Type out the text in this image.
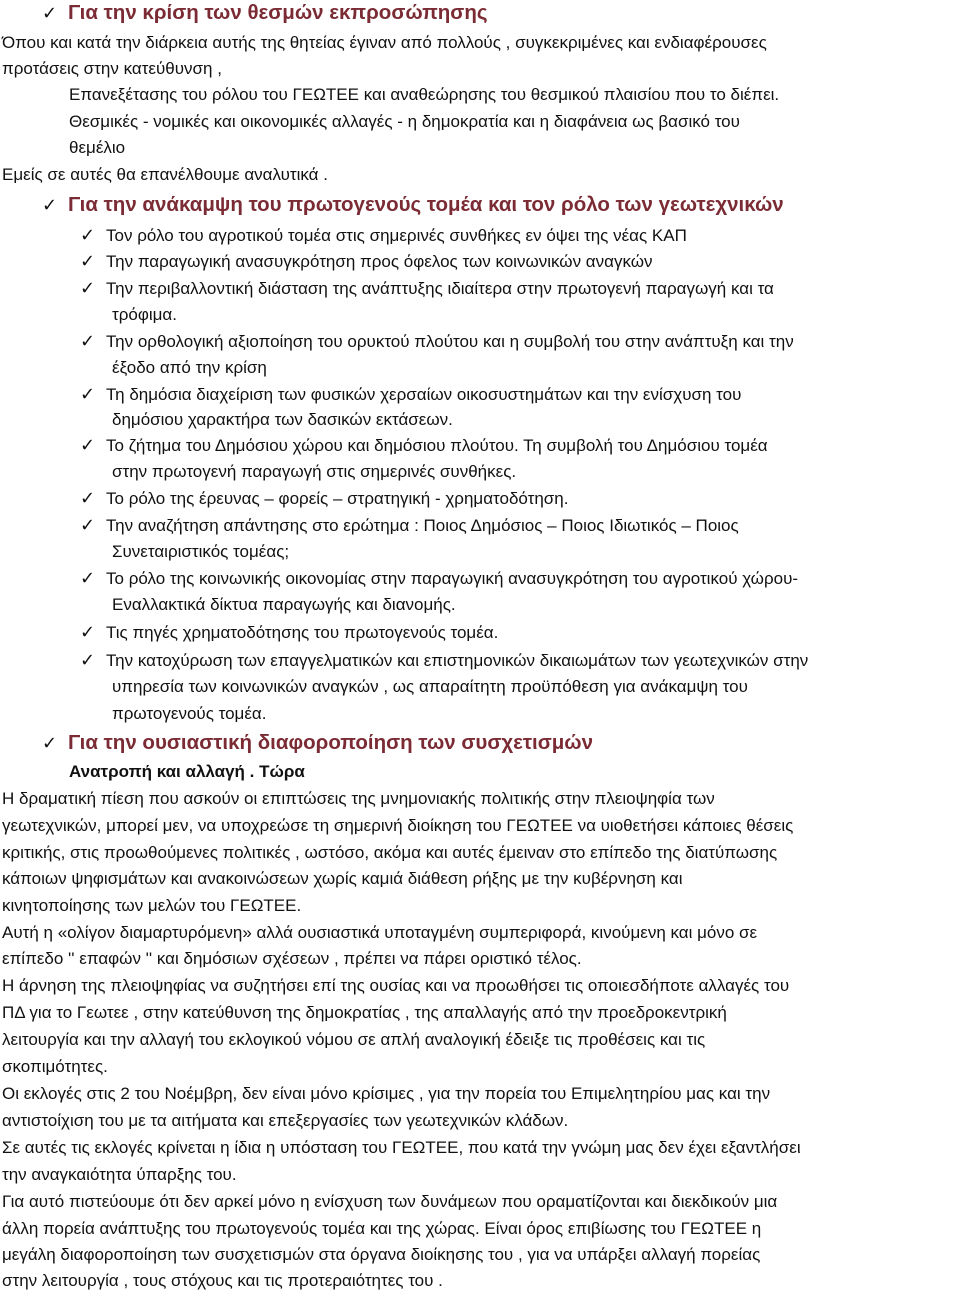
✓ Για την κρίση των θεσμών εκπροσώπησης
Όπου και κατά την διάρκεια αυτής της θητείας έγιναν από πολλούς , συγκεκριμένες και ενδιαφέρουσες
προτάσεις στην κατεύθυνση ,
Επανεξέτασης του ρόλου του ΓΕΩΤΕΕ και αναθεώρησης του θεσμικού πλαισίου που το διέπει.
Θεσμικές - νομικές και οικονομικές αλλαγές - η δημοκρατία και η διαφάνεια ως βασικό του
θεμέλιο
Εμείς σε αυτές θα επανέλθουμε αναλυτικά .
✓ Για την ανάκαμψη του πρωτογενούς τομέα και τον ρόλο των γεωτεχνικών
✓ Τον ρόλο του αγροτικού τομέα στις σημερινές συνθήκες εν όψει της νέας ΚΑΠ
✓ Την παραγωγική ανασυγκρότηση προς όφελος των κοινωνικών αναγκών
✓ Την περιβαλλοντική διάσταση της ανάπτυξης ιδιαίτερα στην πρωτογενή παραγωγή και τα
τρόφιμα.
✓ Την ορθολογική αξιοποίηση του ορυκτού πλούτου και η συμβολή του στην ανάπτυξη και την
έξοδο από την κρίση
✓ Τη δημόσια διαχείριση των φυσικών χερσαίων οικοσυστημάτων και την ενίσχυση του
δημόσιου χαρακτήρα των δασικών εκτάσεων.
✓ Το ζήτημα του Δημόσιου χώρου και δημόσιου πλούτου. Τη συμβολή του Δημόσιου τομέα
στην πρωτογενή παραγωγή στις σημερινές συνθήκες.
✓ Το ρόλο της έρευνας – φορείς – στρατηγική - χρηματοδότηση.
✓ Την αναζήτηση απάντησης στο ερώτημα : Ποιος Δημόσιος – Ποιος Ιδιωτικός – Ποιος
Συνεταιριστικός τομέας;
✓ Το ρόλο της κοινωνικής οικονομίας στην παραγωγική ανασυγκρότηση του αγροτικού χώρου-
Εναλλακτικά δίκτυα παραγωγής και διανομής.
✓ Τις πηγές χρηματοδότησης του πρωτογενούς τομέα.
✓ Την κατοχύρωση των επαγγελματικών και επιστημονικών δικαιωμάτων των γεωτεχνικών στην
υπηρεσία των κοινωνικών αναγκών , ως απαραίτητη προϋπόθεση για ανάκαμψη του
πρωτογενούς τομέα.
✓ Για την ουσιαστική διαφοροποίηση των συσχετισμών
Ανατροπή και αλλαγή . Τώρα
Η δραματική πίεση που ασκούν οι επιπτώσεις της μνημονιακής πολιτικής στην πλειοψηφία των
γεωτεχνικών, μπορεί μεν, να υποχρεώσε τη σημερινή διοίκηση του ΓΕΩΤΕΕ να υιοθετήσει κάποιες θέσεις
κριτικής, στις προωθούμενες πολιτικές , ωστόσο, ακόμα και αυτές έμειναν στο επίπεδο της διατύπωσης
κάποιων ψηφισμάτων και ανακοινώσεων χωρίς καμιά διάθεση ρήξης με την κυβέρνηση και
κινητοποίησης των μελών του ΓΕΩΤΕΕ.
Αυτή η «ολίγον διαμαρτυρόμενη» αλλά ουσιαστικά υποταγμένη συμπεριφορά, κινούμενη και μόνο σε
επίπεδο '' επαφών '' και δημόσιων σχέσεων , πρέπει να πάρει οριστικό τέλος.
Η άρνηση της πλειοψηφίας να συζητήσει επί της ουσίας και να προωθήσει τις οποιεσδήποτε αλλαγές του
ΠΔ για το Γεωτεε , στην κατεύθυνση της δημοκρατίας , της απαλλαγής από την προεδροκεντρική
λειτουργία και την αλλαγή του εκλογικού νόμου σε απλή αναλογική έδειξε τις προθέσεις και τις
σκοπιμότητες.
Οι εκλογές στις 2 του Νοέμβρη, δεν είναι μόνο κρίσιμες , για την πορεία του Επιμελητηρίου μας και την
αντιστοίχιση του με τα αιτήματα και επεξεργασίες των γεωτεχνικών κλάδων.
Σε αυτές τις εκλογές κρίνεται η ίδια η υπόσταση του ΓΕΩΤΕΕ, που κατά την γνώμη μας δεν έχει εξαντλήσει
την αναγκαιότητα ύπαρξης του.
Για αυτό πιστεύουμε ότι δεν αρκεί μόνο η ενίσχυση των δυνάμεων που οραματίζονται και διεκδικούν μια
άλλη πορεία ανάπτυξης του πρωτογενούς τομέα και της χώρας. Είναι όρος επιβίωσης του ΓΕΩΤΕΕ η
μεγάλη διαφοροποίηση των συσχετισμών στα όργανα διοίκησης του , για να υπάρξει αλλαγή πορείας
στην λειτουργία , τους στόχους και τις προτεραιότητες του .
